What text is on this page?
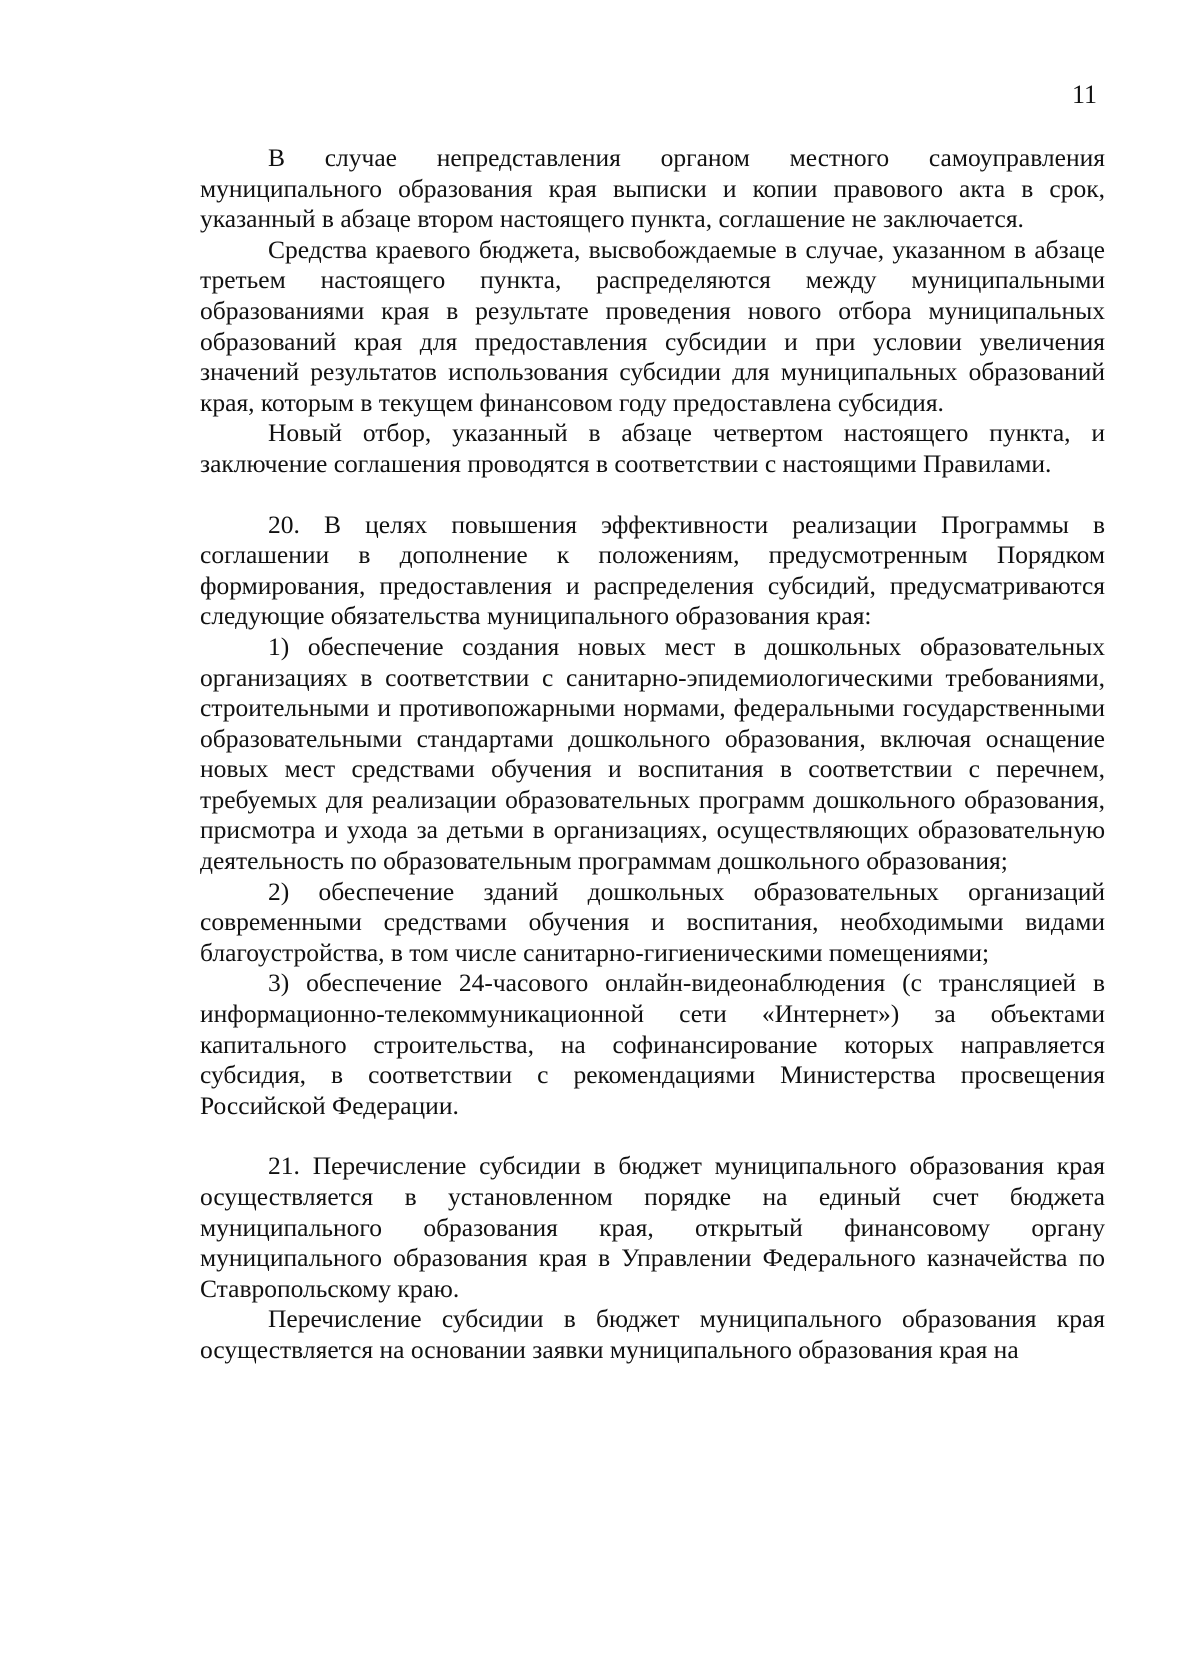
11

В случае непредставления органом местного самоуправления муниципального образования края выписки и копии правового акта в срок, указанный в абзаце втором настоящего пункта, соглашение не заключается.

Средства краевого бюджета, высвобождаемые в случае, указанном в абзаце третьем настоящего пункта, распределяются между муниципальными образованиями края в результате проведения нового отбора муниципальных образований края для предоставления субсидии и при условии увеличения значений результатов использования субсидии для муниципальных образований края, которым в текущем финансовом году предоставлена субсидия.

Новый отбор, указанный в абзаце четвертом настоящего пункта, и заключение соглашения проводятся в соответствии с настоящими Правилами.

20. В целях повышения эффективности реализации Программы в соглашении в дополнение к положениям, предусмотренным Порядком формирования, предоставления и распределения субсидий, предусматриваются следующие обязательства муниципального образования края:

1) обеспечение создания новых мест в дошкольных образовательных организациях в соответствии с санитарно-эпидемиологическими требованиями, строительными и противопожарными нормами, федеральными государственными образовательными стандартами дошкольного образования, включая оснащение новых мест средствами обучения и воспитания в соответствии с перечнем, требуемых для реализации образовательных программ дошкольного образования, присмотра и ухода за детьми в организациях, осуществляющих образовательную деятельность по образовательным программам дошкольного образования;

2) обеспечение зданий дошкольных образовательных организаций современными средствами обучения и воспитания, необходимыми видами благоустройства, в том числе санитарно-гигиеническими помещениями;

3) обеспечение 24-часового онлайн-видеонаблюдения (с трансляцией в информационно-телекоммуникационной сети «Интернет») за объектами капитального строительства, на софинансирование которых направляется субсидия, в соответствии с рекомендациями Министерства просвещения Российской Федерации.

21. Перечисление субсидии в бюджет муниципального образования края осуществляется в установленном порядке на единый счет бюджета муниципального образования края, открытый финансовому органу муниципального образования края в Управлении Федерального казначейства по Ставропольскому краю.

Перечисление субсидии в бюджет муниципального образования края осуществляется на основании заявки муниципального образования края на
